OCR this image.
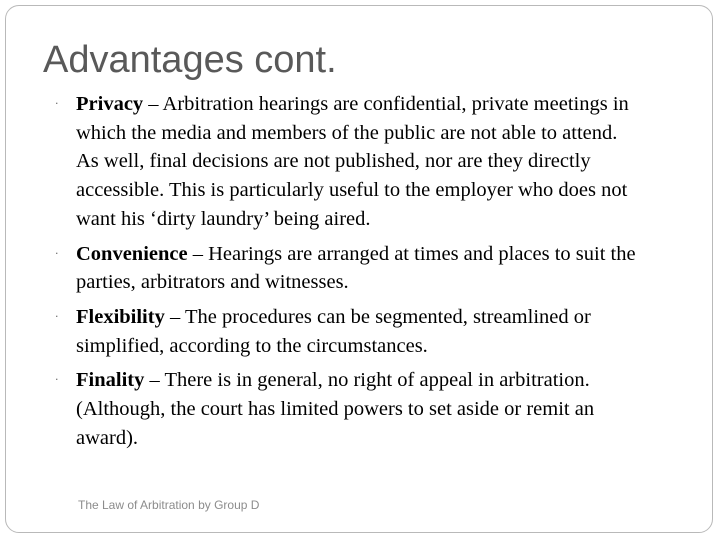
Advantages cont.
· Privacy – Arbitration hearings are confidential, private meetings in which the media and members of the public are not able to attend. As well, final decisions are not published, nor are they directly accessible. This is particularly useful to the employer who does not want his ‘dirty laundry’ being aired.
· Convenience – Hearings are arranged at times and places to suit the parties, arbitrators and witnesses.
· Flexibility – The procedures can be segmented, streamlined or simplified, according to the circumstances.
· Finality – There is in general, no right of appeal in arbitration. (Although, the court has limited powers to set aside or remit an award).
The Law of Arbitration by Group D
